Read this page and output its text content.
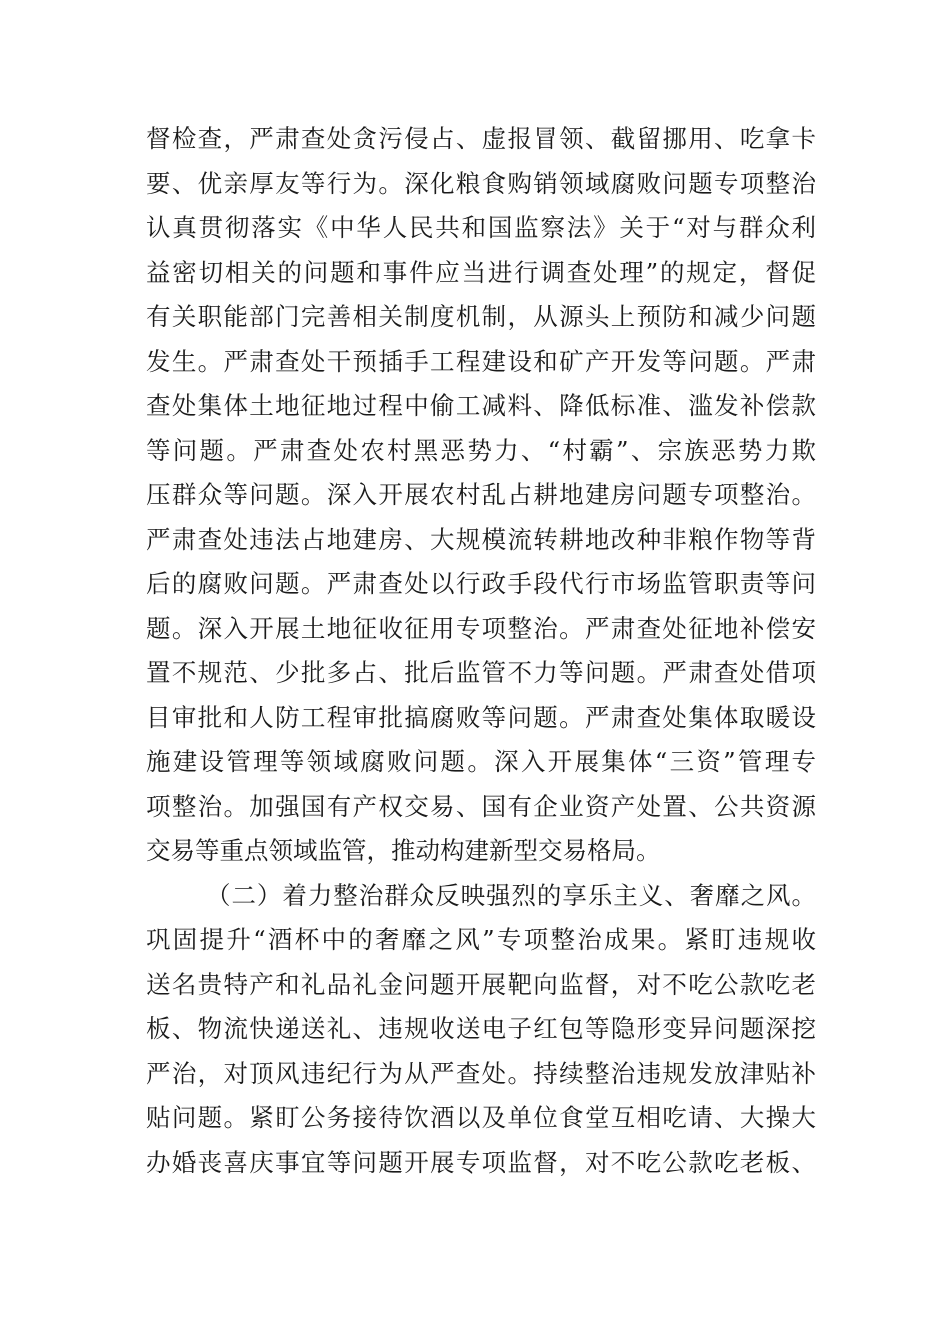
督检查，严肃查处贪污侵占、虚报冒领、截留挪用、吃拿卡
要、优亲厚友等行为。深化粮食购销领域腐败问题专项整治
认真贯彻落实《中华人民共和国监察法》关于“对与群众利
益密切相关的问题和事件应当进行调查处理”的规定，督促
有关职能部门完善相关制度机制，从源头上预防和减少问题
发生。严肃查处干预插手工程建设和矿产开发等问题。严肃
查处集体土地征地过程中偷工减料、降低标准、滥发补偿款
等问题。严肃查处农村黑恶势力、“村霸”、宗族恶势力欺
压群众等问题。深入开展农村乱占耕地建房问题专项整治。
严肃查处违法占地建房、大规模流转耕地改种非粮作物等背
后的腐败问题。严肃查处以行政手段代行市场监管职责等问
题。深入开展土地征收征用专项整治。严肃查处征地补偿安
置不规范、少批多占、批后监管不力等问题。严肃查处借项
目审批和人防工程审批搞腐败等问题。严肃查处集体取暖设
施建设管理等领域腐败问题。深入开展集体“三资”管理专
项整治。加强国有产权交易、国有企业资产处置、公共资源
交易等重点领域监管，推动构建新型交易格局。
（二）着力整治群众反映强烈的享乐主义、奢靡之风。
巩固提升“酒杯中的奢靡之风”专项整治成果。紧盯违规收
送名贵特产和礼品礼金问题开展靶向监督，对不吃公款吃老
板、物流快递送礼、违规收送电子红包等隐形变异问题深挖
严治，对顶风违纪行为从严查处。持续整治违规发放津贴补
贴问题。紧盯公务接待饮酒以及单位食堂互相吃请、大操大
办婚丧喜庆事宜等问题开展专项监督，对不吃公款吃老板、
